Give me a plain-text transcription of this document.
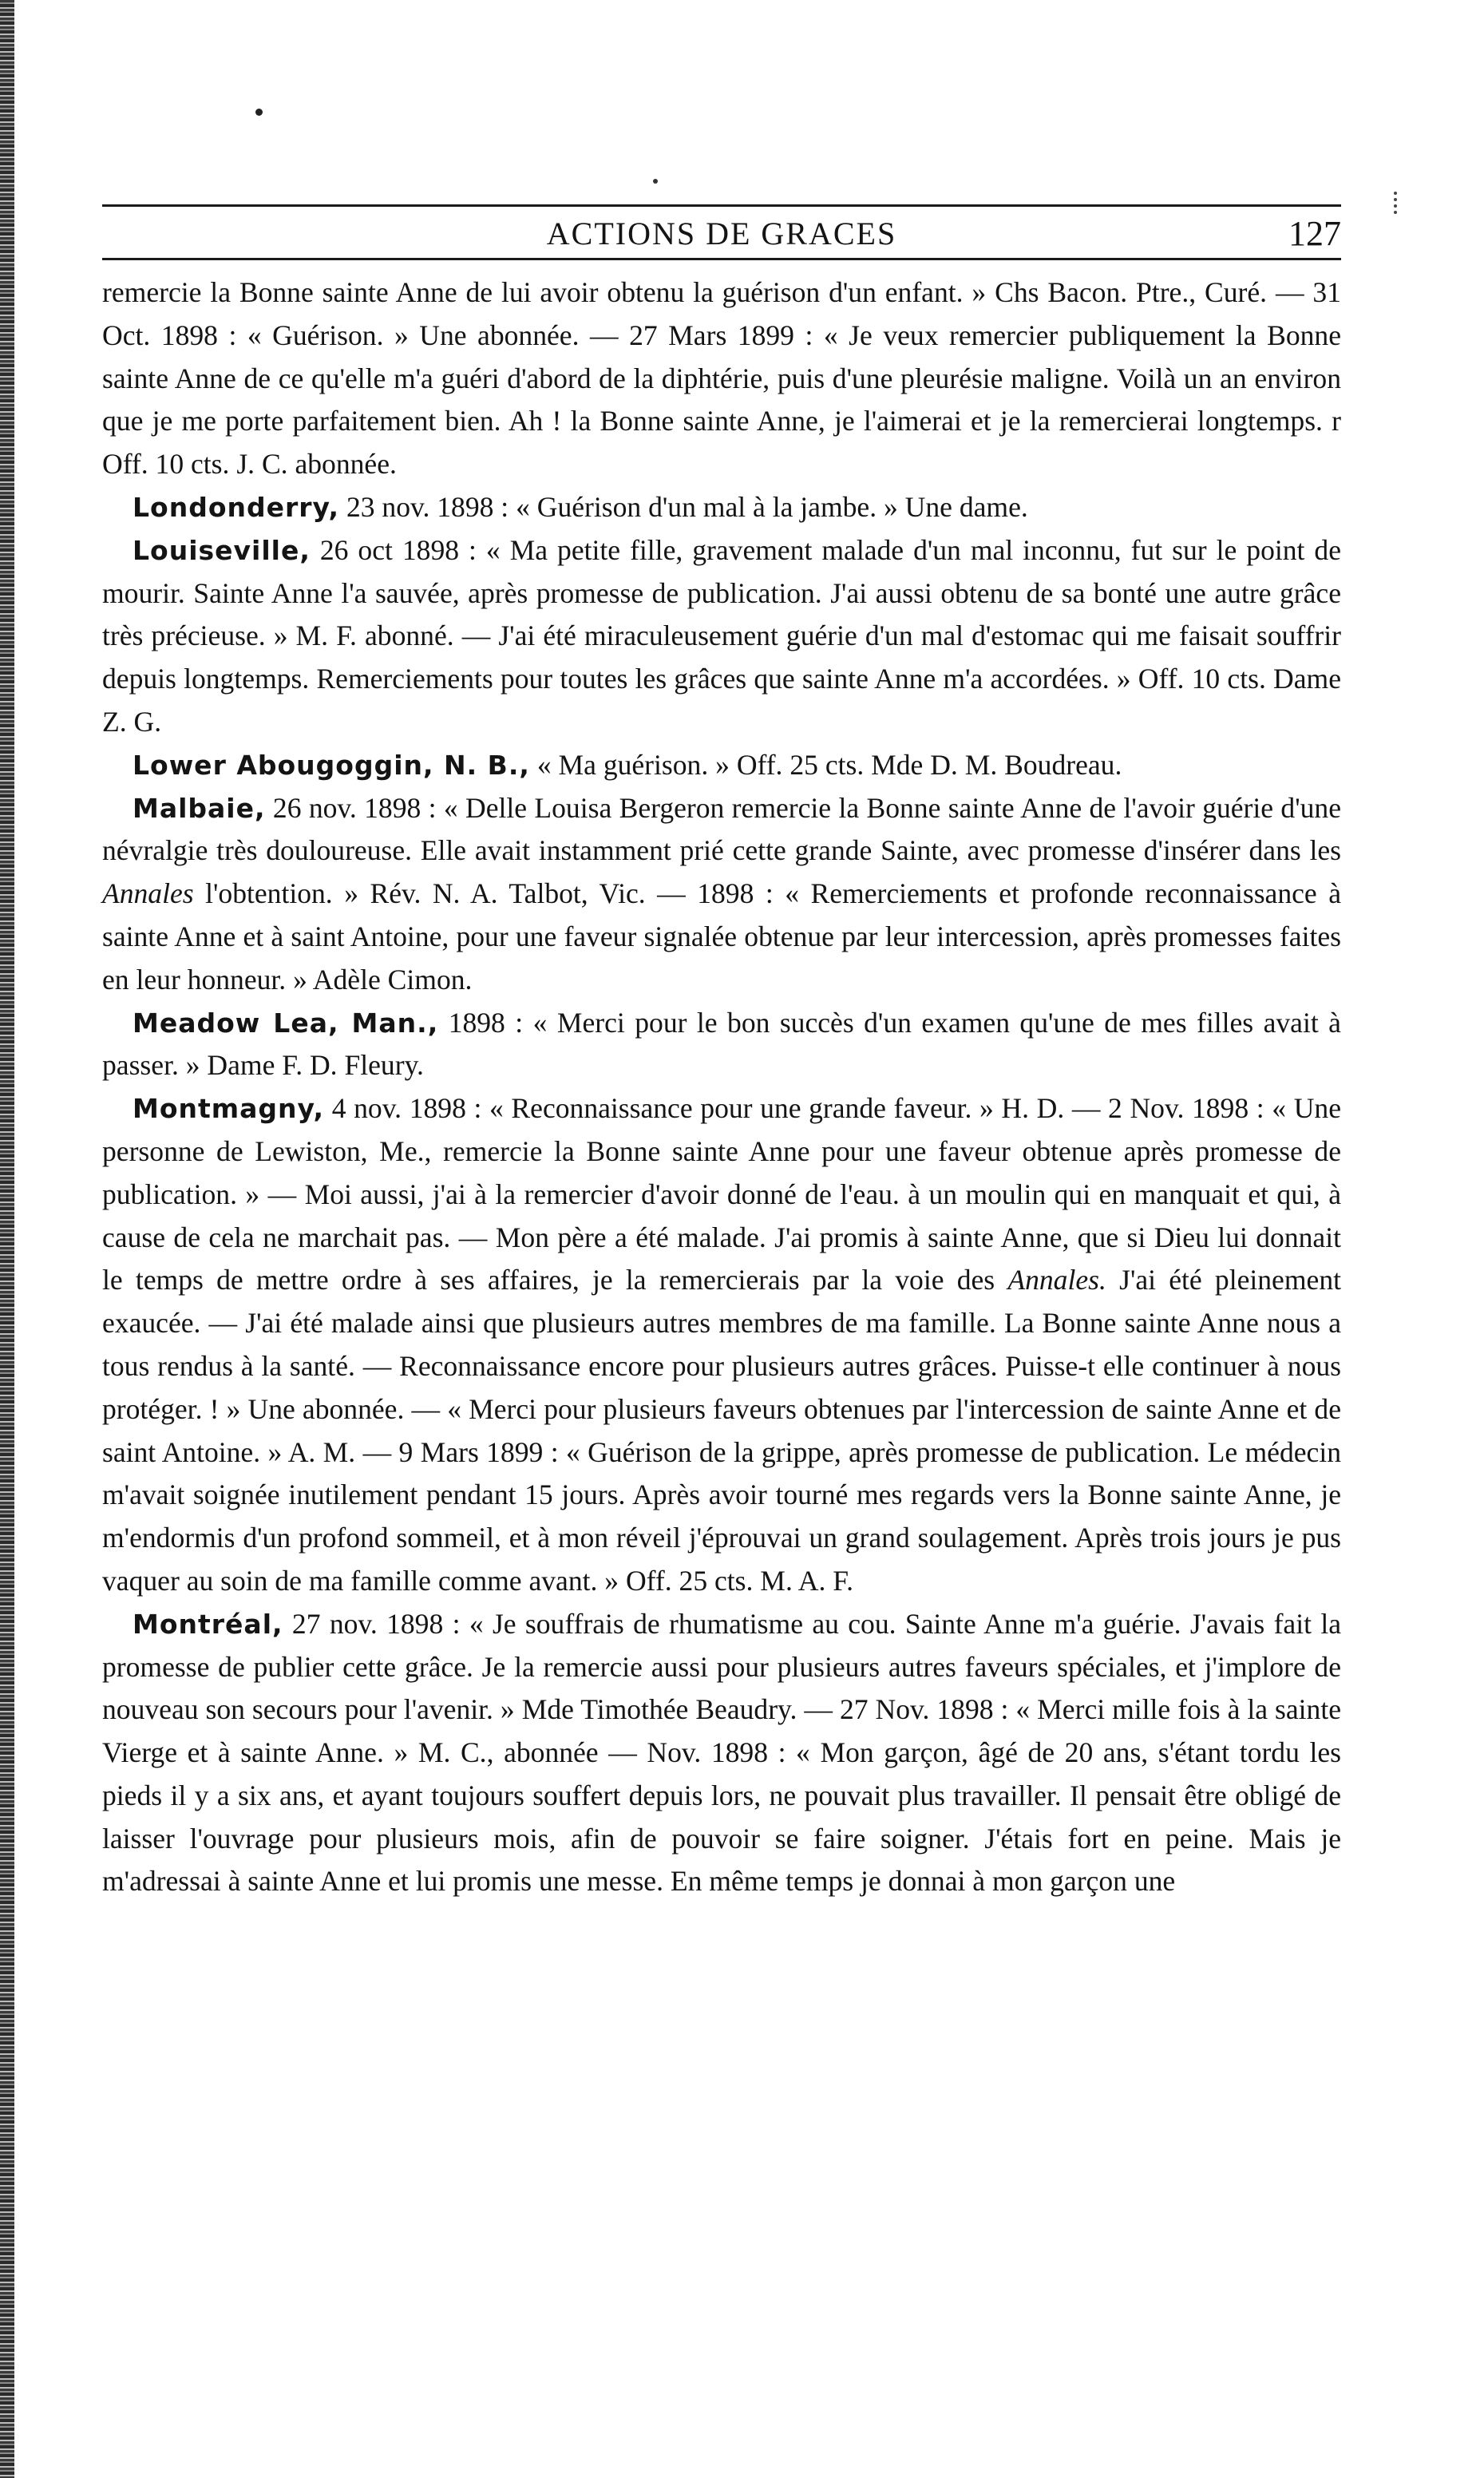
ACTIONS DE GRACES	127

remercie la Bonne sainte Anne de lui avoir obtenu la guérison d'un enfant. » Chs Bacon. Ptre., Curé. — 31 Oct. 1898 : « Guérison. » Une abonnée. — 27 Mars 1899 : « Je veux remercier publiquement la Bonne sainte Anne de ce qu'elle m'a guéri d'abord de la diphtérie, puis d'une pleurésie maligne. Voilà un an environ que je me porte parfaitement bien. Ah ! la Bonne sainte Anne, je l'aimerai et je la remercierai longtemps. r Off. 10 cts. J. C. abonnée.

Londonderry, 23 nov. 1898 : « Guérison d'un mal à la jambe. » Une dame.

Louiseville, 26 oct 1898 : « Ma petite fille, gravement malade d'un mal inconnu, fut sur le point de mourir. Sainte Anne l'a sauvée, après promesse de publication. J'ai aussi obtenu de sa bonté une autre grâce très précieuse. » M. F. abonné. — J'ai été miraculeusement guérie d'un mal d'estomac qui me faisait souffrir depuis longtemps. Remerciements pour toutes les grâces que sainte Anne m'a accordées. » Off. 10 cts. Dame Z. G.

Lower Abougoggin, N. B., « Ma guérison. » Off. 25 cts. Mde D. M. Boudreau.

Malbaie, 26 nov. 1898 : « Delle Louisa Bergeron remercie la Bonne sainte Anne de l'avoir guérie d'une névralgie très douloureuse. Elle avait instamment prié cette grande Sainte, avec promesse d'insérer dans les Annales l'obtention. » Rév. N. A. Talbot, Vic. — 1898 : « Remerciements et profonde reconnaissance à sainte Anne et à saint Antoine, pour une faveur signalée obtenue par leur intercession, après promesses faites en leur honneur. » Adèle Cimon.

Meadow Lea, Man., 1898 : « Merci pour le bon succès d'un examen qu'une de mes filles avait à passer. » Dame F. D. Fleury.

Montmagny, 4 nov. 1898 : « Reconnaissance pour une grande faveur. » H. D. — 2 Nov. 1898 : « Une personne de Lewiston, Me., remercie la Bonne sainte Anne pour une faveur obtenue après promesse de publication. » — Moi aussi, j'ai à la remercier d'avoir donné de l'eau. à un moulin qui en manquait et qui, à cause de cela ne marchait pas. — Mon père a été malade. J'ai promis à sainte Anne, que si Dieu lui donnait le temps de mettre ordre à ses affaires, je la remercierais par la voie des Annales. J'ai été pleinement exaucée. — J'ai été malade ainsi que plusieurs autres membres de ma famille. La Bonne sainte Anne nous a tous rendus à la santé. — Reconnaissance encore pour plusieurs autres grâces. Puisse-t elle continuer à nous protéger. ! » Une abonnée. — « Merci pour plusieurs faveurs obtenues par l'intercession de sainte Anne et de saint Antoine. » A. M. — 9 Mars 1899 : « Guérison de la grippe, après promesse de publication. Le médecin m'avait soignée inutilement pendant 15 jours. Après avoir tourné mes regards vers la Bonne sainte Anne, je m'endormis d'un profond sommeil, et à mon réveil j'éprouvai un grand soulagement. Après trois jours je pus vaquer au soin de ma famille comme avant. » Off. 25 cts. M. A. F.

Montréal, 27 nov. 1898 : « Je souffrais de rhumatisme au cou. Sainte Anne m'a guérie. J'avais fait la promesse de publier cette grâce. Je la remercie aussi pour plusieurs autres faveurs spéciales, et j'implore de nouveau son secours pour l'avenir. » Mde Timothée Beaudry. — 27 Nov. 1898 : « Merci mille fois à la sainte Vierge et à sainte Anne. » M. C., abonnée — Nov. 1898 : « Mon garçon, âgé de 20 ans, s'étant tordu les pieds il y a six ans, et ayant toujours souffert depuis lors, ne pouvait plus travailler. Il pensait être obligé de laisser l'ouvrage pour plusieurs mois, afin de pouvoir se faire soigner. J'étais fort en peine. Mais je m'adressai à sainte Anne et lui promis une messe. En même temps je donnai à mon garçon une
